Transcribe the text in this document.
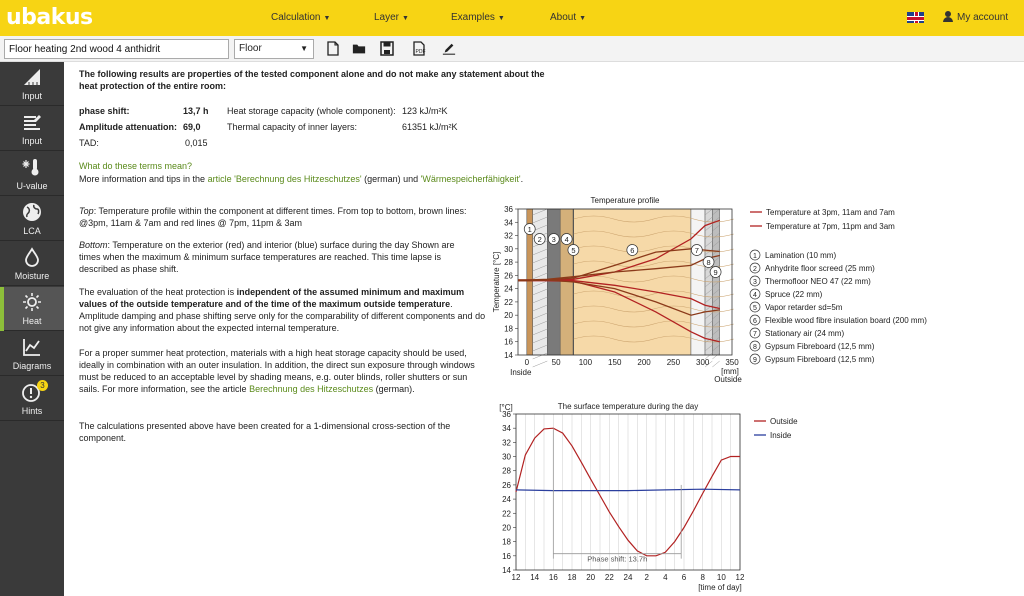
ubakus	Calculation ▼	Layer ▼	Examples ▼	About ▼	My account
Floor heating 2nd wood 4 anthidrit
Floor	▼	PDF
Input
Input
U-value
LCA
Moisture
Heat
Diagrams
3
Hints
The following results are properties of the tested component alone and do not make any statement about the heat protection of the entire room:
phase shift:	13,7 h
Amplitude attenuation: 69,0
TAD:	0,015
Heat storage capacity (whole component): 123 kJ/m²K
Thermal capacity of inner layers:	61351 kJ/m²K
What do these terms mean?
More information and tips in the article 'Berechnung des Hitzeschutzes' (german) und 'Wärmespeicherfähigkeit'.
Top: Temperature profile within the component at different times. From top to bottom, brown lines: @3pm, 11am & 7am and red lines @ 7pm, 11pm & 3am
Bottom: Temperature on the exterior (red) and interior (blue) surface during the day Shown are times when the maximum & minimum surface temperatures are reached. This time lapse is described as phase shift.
The evaluation of the heat protection is independent of the assumed minimum and maximum values of the outside temperature and of the time of the maximum outside temperature. Amplitude damping and phase shifting serve only for the comparability of different components and do not give any information about the expected internal temperature.
For a proper summer heat protection, materials with a high heat storage capacity should be used, ideally in combination with an outer insulation. In addition, the direct sun exposure through windows must be reduced to an acceptable level by shading means, e.g. outer blinds, roller shutters or sun sails. For more information, see the article Berechnung des Hitzeschutzes (german).
The calculations presented above have been created for a 1-dimensional cross-section of the component.
Temperature profile
14
16
18
20
22
24
26
28
30
32
34
36
0	50 100 150 200 250 300 350
Temperature [°C]
[mm]
Inside
Outside
1
2 3 4
5	6	7
8
9
Temperature at 3pm, 11am and 7am
Temperature at 7pm, 11pm and 3am
1 Lamination (10 mm)
2 Anhydrite floor screed (25 mm)
3 Thermofloor NEO 47 (22 mm)
4 Spruce (22 mm)
5 Vapor retarder sd=5m
6 Flexible wood fibre insulation board (200 mm)
7 Stationary air (24 mm)
8 Gypsum Fibreboard (12,5 mm)
9 Gypsum Fibreboard (12,5 mm)
The surface temperature during the day
[°C]
14
16
18
20
22
24
26
28
30
32
34
36
12 14 16 18 20 22 24 2 4 6 8 10 12
[time of day]
Phase shift: 13.7h
Outside
Inside
